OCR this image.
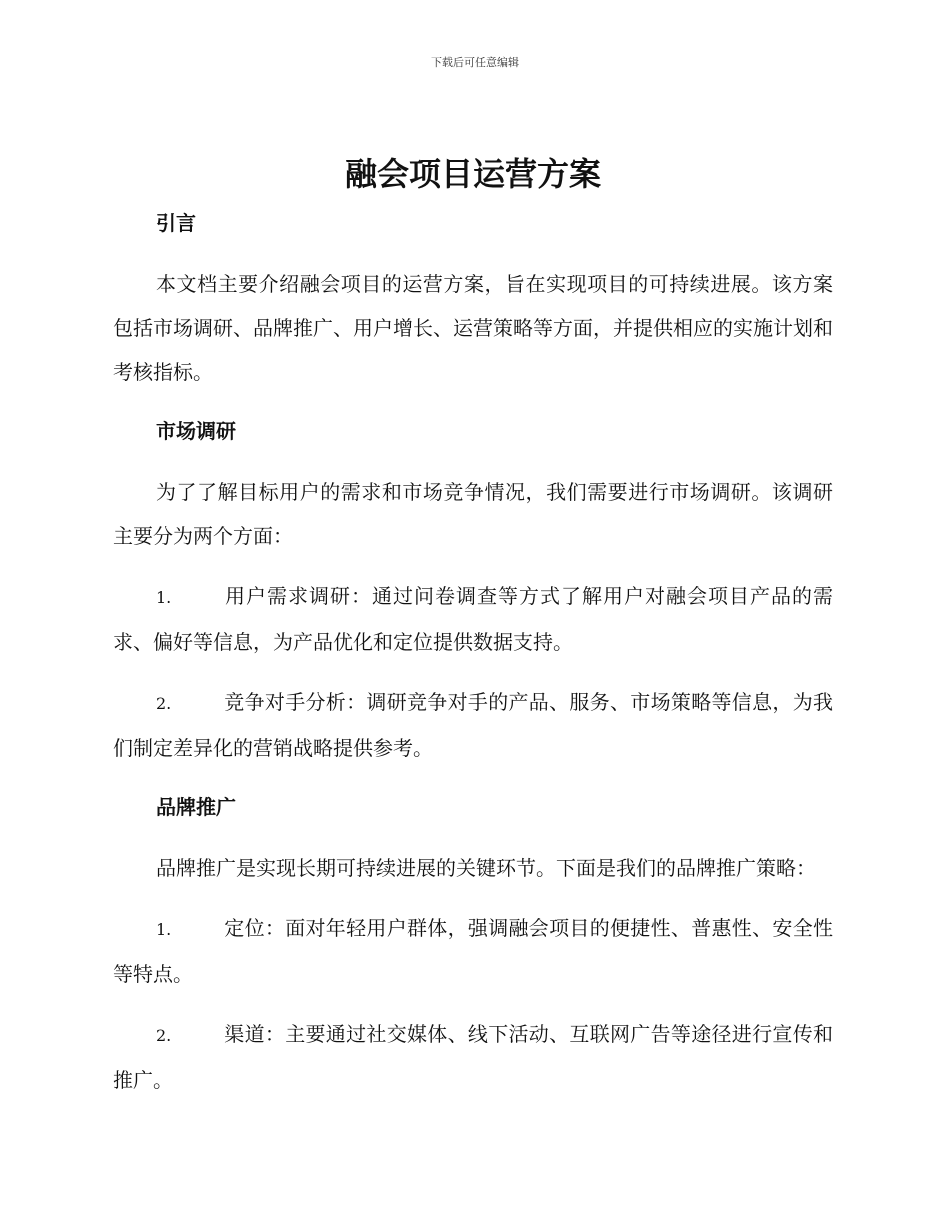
下载后可任意编辑
融会项目运营方案
引言

本文档主要介绍融会项目的运营方案，旨在实现项目的可持续进展。该方案包括市场调研、品牌推广、用户增长、运营策略等方面，并提供相应的实施计划和考核指标。

市场调研

为了了解目标用户的需求和市场竞争情况，我们需要进行市场调研。该调研主要分为两个方面：

1.	用户需求调研：通过问卷调查等方式了解用户对融会项目产品的需求、偏好等信息，为产品优化和定位提供数据支持。

2.	竞争对手分析：调研竞争对手的产品、服务、市场策略等信息，为我们制定差异化的营销战略提供参考。

品牌推广

品牌推广是实现长期可持续进展的关键环节。下面是我们的品牌推广策略：

1.	定位：面对年轻用户群体，强调融会项目的便捷性、普惠性、安全性等特点。

2.	渠道：主要通过社交媒体、线下活动、互联网广告等途径进行宣传和推广。
